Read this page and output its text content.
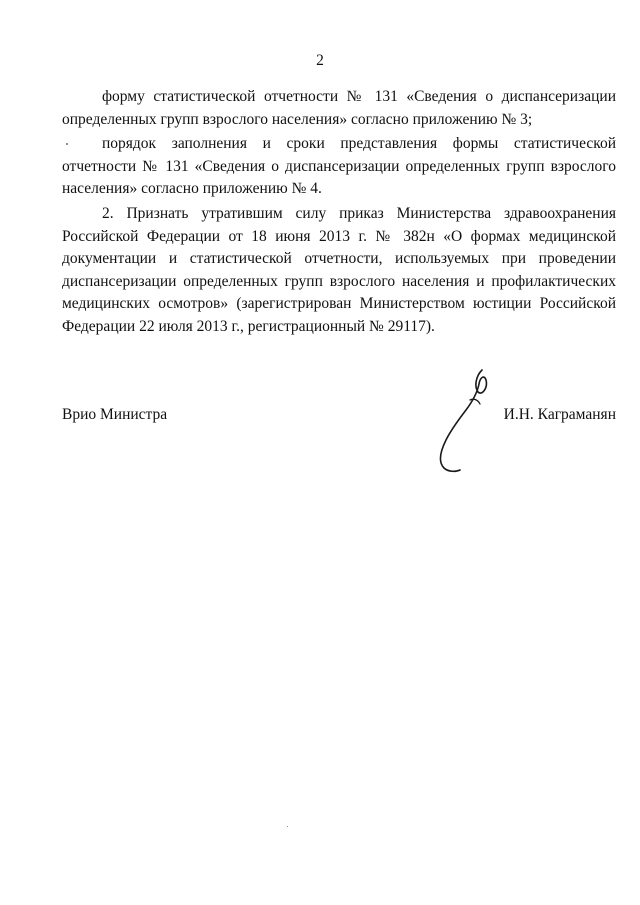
2

форму статистической отчетности № 131 «Сведения о диспансеризации определенных групп взрослого населения» согласно приложению № 3;

порядок заполнения и сроки представления формы статистической отчетности № 131 «Сведения о диспансеризации определенных групп взрослого населения» согласно приложению № 4.

2. Признать утратившим силу приказ Министерства здравоохранения Российской Федерации от 18 июня 2013 г. № 382н «О формах медицинской документации и статистической отчетности, используемых при проведении диспансеризации определенных групп взрослого населения и профилактических медицинских осмотров» (зарегистрирован Министерством юстиции Российской Федерации 22 июля 2013 г., регистрационный № 29117).

Врио Министра	И.Н. Каграманян
